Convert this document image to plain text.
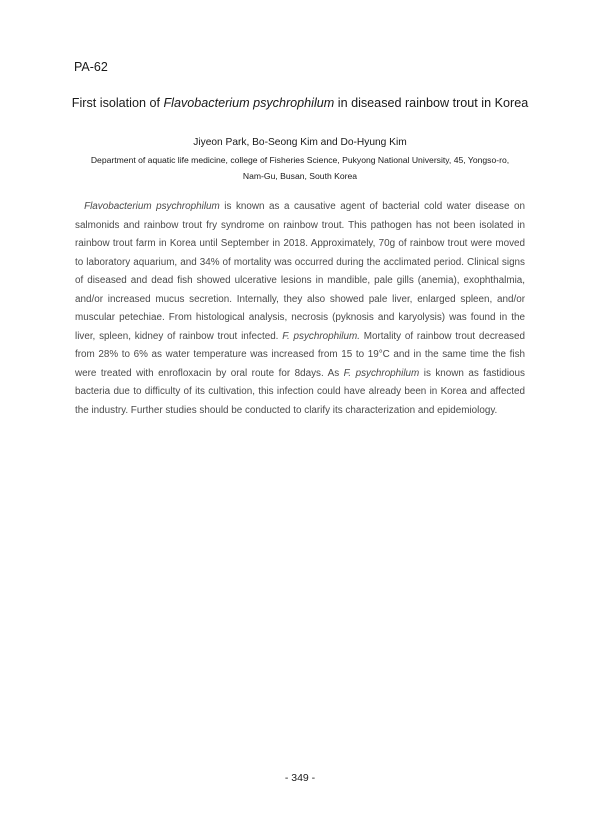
PA-62

First isolation of Flavobacterium psychrophilum in diseased rainbow trout in Korea
Jiyeon Park, Bo-Seong Kim and Do-Hyung Kim
Department of aquatic life medicine, college of Fisheries Science, Pukyong National University, 45, Yongso-ro,
Nam-Gu, Busan, South Korea

Flavobacterium psychrophilum is known as a causative agent of bacterial cold water disease on salmonids and rainbow trout fry syndrome on rainbow trout. This pathogen has not been isolated in rainbow trout farm in Korea until September in 2018. Approximately, 70g of rainbow trout were moved to laboratory aquarium, and 34% of mortality was occurred during the acclimated period. Clinical signs of diseased and dead fish showed ulcerative lesions in mandible, pale gills (anemia), exophthalmia, and/or increased mucus secretion. Internally, they also showed pale liver, enlarged spleen, and/or muscular petechiae. From histological analysis, necrosis (pyknosis and karyolysis) was found in the liver, spleen, kidney of rainbow trout infected. F. psychrophilum. Mortality of rainbow trout decreased from 28% to 6% as water temperature was increased from 15 to 19°C and in the same time the fish were treated with enrofloxacin by oral route for 8days. As F. psychrophilum is known as fastidious bacteria due to difficulty of its cultivation, this infection could have already been in Korea and affected the industry. Further studies should be conducted to clarify its characterization and epidemiology.

- 349 -
